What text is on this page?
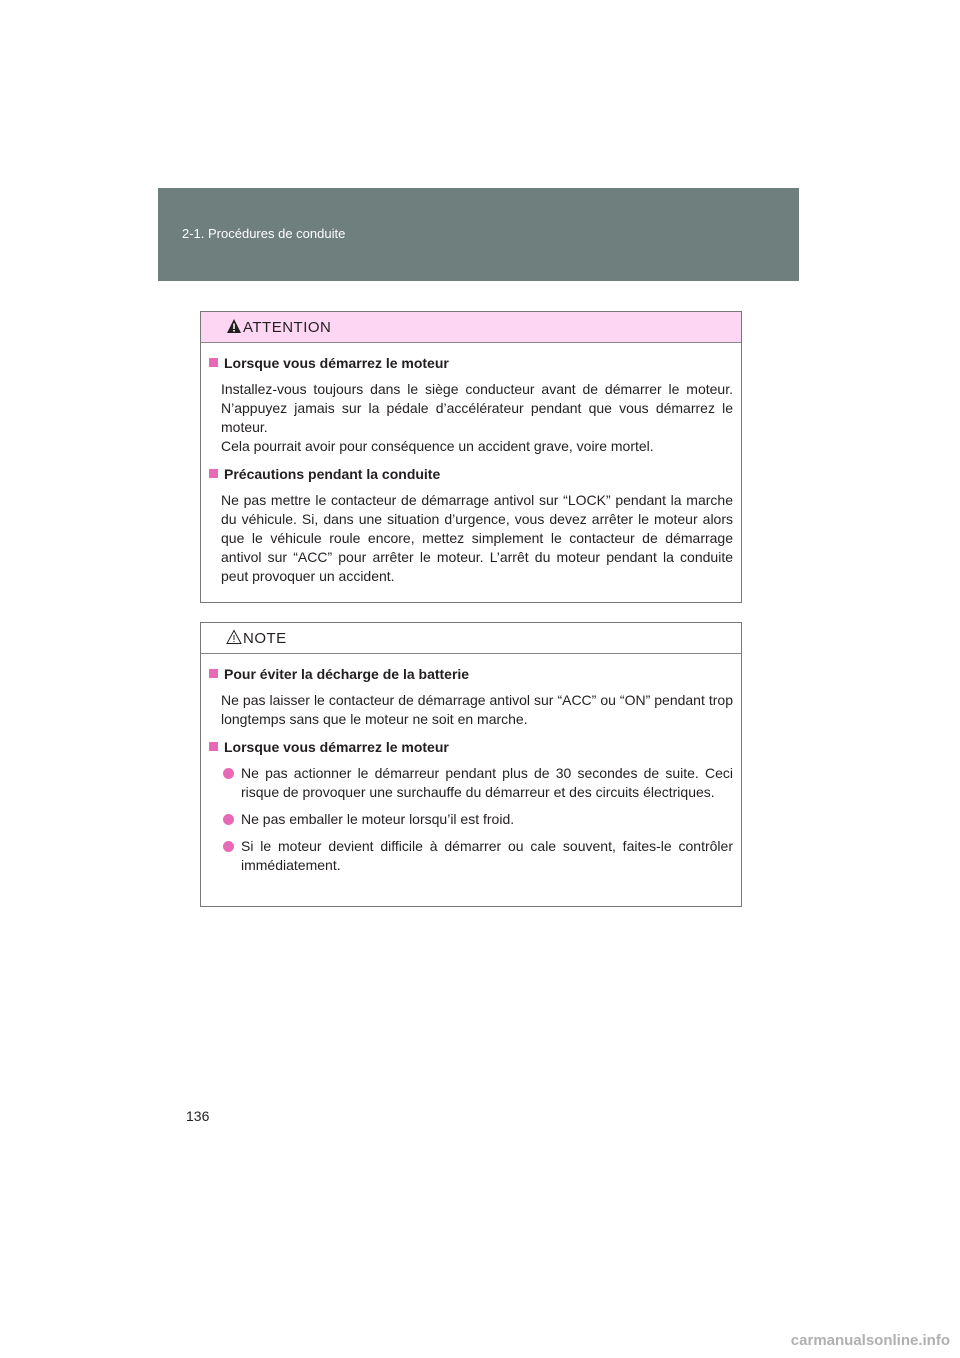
2-1. Procédures de conduite
ATTENTION
Lorsque vous démarrez le moteur

Installez-vous toujours dans le siège conducteur avant de démarrer le moteur. N’appuyez jamais sur la pédale d’accélérateur pendant que vous démarrez le moteur.

Cela pourrait avoir pour conséquence un accident grave, voire mortel.

Précautions pendant la conduite

Ne pas mettre le contacteur de démarrage antivol sur “LOCK” pendant la marche du véhicule. Si, dans une situation d’urgence, vous devez arrêter le moteur alors que le véhicule roule encore, mettez simplement le contacteur de démarrage antivol sur “ACC” pour arrêter le moteur. L’arrêt du moteur pendant la conduite peut provoquer un accident.

NOTE
Pour éviter la décharge de la batterie

Ne pas laisser le contacteur de démarrage antivol sur “ACC” ou “ON” pendant trop longtemps sans que le moteur ne soit en marche.

Lorsque vous démarrez le moteur
Ne pas actionner le démarreur pendant plus de 30 secondes de suite. Ceci risque de provoquer une surchauffe du démarreur et des circuits électriques.
Ne pas emballer le moteur lorsqu’il est froid.
Si le moteur devient difficile à démarrer ou cale souvent, faites-le contrôler immédiatement.
136
carmanualsonline.info
